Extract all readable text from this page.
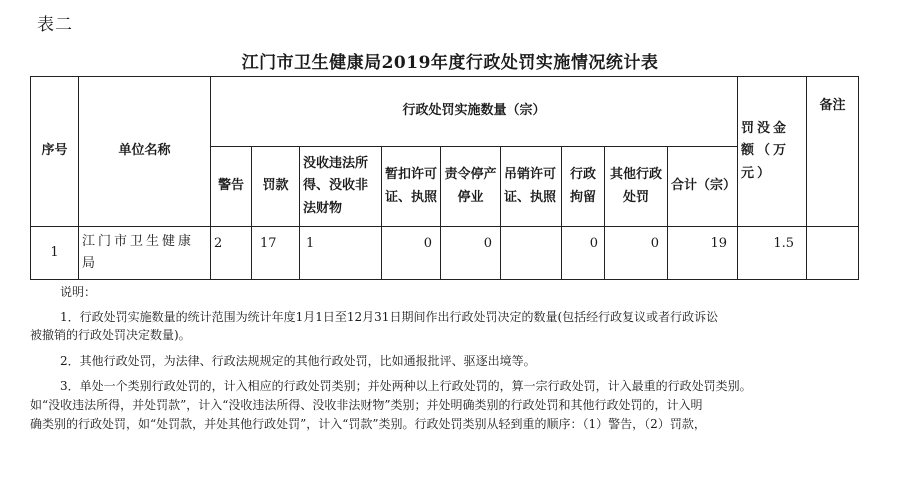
表二
江门市卫生健康局2019年度行政处罚实施情况统计表
序号	单位名称	行政处罚实施数量（宗）									罚没金额（万元）	备注
		警告	罚款	没收违法所得、没收非法财物	暂扣许可证、执照	责令停产停业	吊销许可证、执照	行政拘留	其他行政处罚	合计（宗）		
1	江门市卫生健康局	2	17	1	0	0		0	0	19	1.5	

说明：

1．行政处罚实施数量的统计范围为统计年度1月1日至12月31日期间作出行政处罚决定的数量(包括经行政复议或者行政诉讼

被撤销的行政处罚决定数量)。

2．其他行政处罚，为法律、行政法规规定的其他行政处罚，比如通报批评、驱逐出境等。

3．单处一个类别行政处罚的，计入相应的行政处罚类别；并处两种以上行政处罚的，算一宗行政处罚，计入最重的行政处罚类别。

如“没收违法所得，并处罚款”，计入“没收违法所得、没收非法财物”类别；并处明确类别的行政处罚和其他行政处罚的，计入明

确类别的行政处罚，如“处罚款，并处其他行政处罚”，计入“罚款”类别。行政处罚类别从轻到重的顺序：（1）警告，（2）罚款，
